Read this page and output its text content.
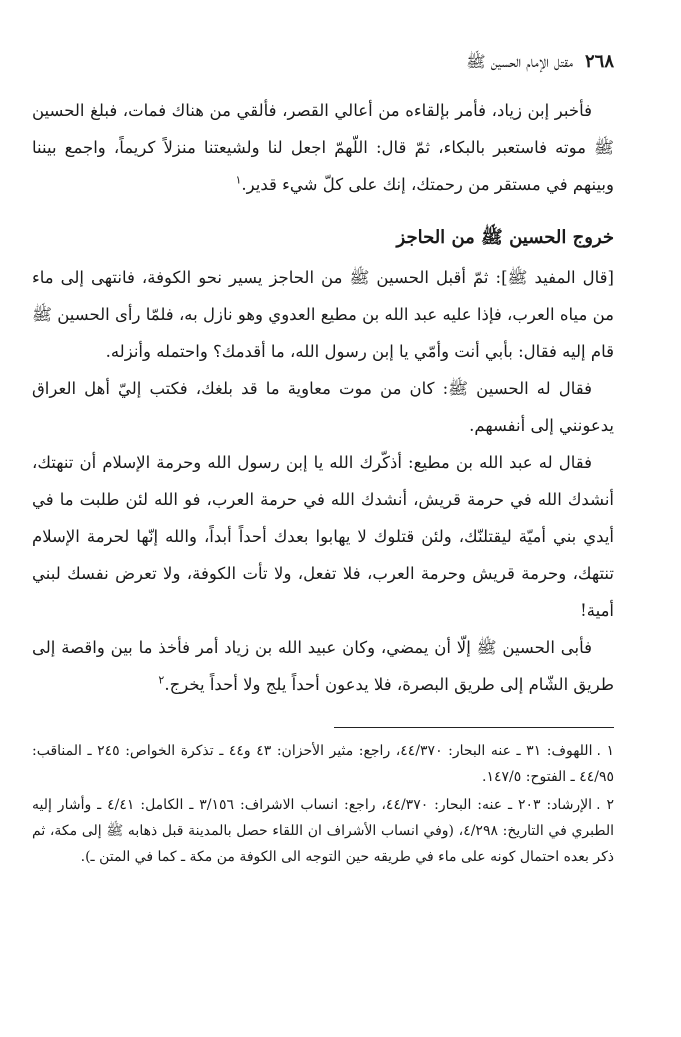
٢٦٨
مقتل الإمام الحسين ﷺ

فأخبر إبن زياد، فأمر بإلقاءه من أعالي القصر، فألقي من هناك فمات، فبلغ الحسين ﷺ موته فاستعبر بالبكاء، ثمّ قال: اللّهمّ اجعل لنا ولشيعتنا منزلاً كريماً، واجمع بيننا وبينهم في مستقر من رحمتك، إنك على كلّ شيء قدير.$^١$

خروج الحسين ﷺ من الحاجز

[قال المفيد ﷺ]: ثمّ أقبل الحسين ﷺ من الحاجز يسير نحو الكوفة، فانتهى إلى ماء من مياه العرب، فإذا عليه عبد الله بن مطيع العدوي وهو نازل به، فلمّا رأى الحسين ﷺ قام إليه فقال: بأبي أنت وأمّي يا إبن رسول الله، ما أقدمك؟ واحتمله وأنزله.

فقال له الحسين ﷺ: كان من موت معاوية ما قد بلغك، فكتب إليّ أهل العراق يدعونني إلى أنفسهم.

فقال له عبد الله بن مطيع: أذكّرك الله يا إبن رسول الله وحرمة الإسلام أن تنهتك، أنشدك الله في حرمة قريش، أنشدك الله في حرمة العرب، فو الله لئن طلبت ما في أيدي بني أميّة ليقتلنّك، ولئن قتلوك لا يهابوا بعدك أحداً أبداً، والله إنّها لحرمة الإسلام تنتهك، وحرمة قريش وحرمة العرب، فلا تفعل، ولا تأت الكوفة، ولا تعرض نفسك لبني أمية!

فأبى الحسين ﷺ إلّا أن يمضي، وكان عبيد الله بن زياد أمر فأخذ ما بين واقصة إلى طريق الشّام إلى طريق البصرة، فلا يدعون أحداً يلج ولا أحداً يخرج.$^٢$

١ .اللهوف: ٣١ ـ عنه البحار: ٤٤/٣٧٠، راجع: مثير الأحزان: ٤٣ و٤٤ ـ تذكرة الخواص: ٢٤٥ ـ المناقب: ٤٤/٩٥ ـ الفتوح: ١٤٧/٥.

٢ .الإرشاد: ٢٠٣ ـ عنه: البحار: ٤٤/٣٧٠، راجع: انساب الاشراف: ٣/١٥٦ ـ الكامل: ٤/٤١ ـ وأشار إليه الطبري في التاريخ: ٤/٢٩٨، (وفي انساب الأشراف ان اللقاء حصل بالمدينة قبل ذهابه ﷺ إلى مكة، ثم ذكر بعده احتمال كونه على ماء في طريقه حين التوجه الى الكوفة من مكة ـ كما في المتن ـ).
